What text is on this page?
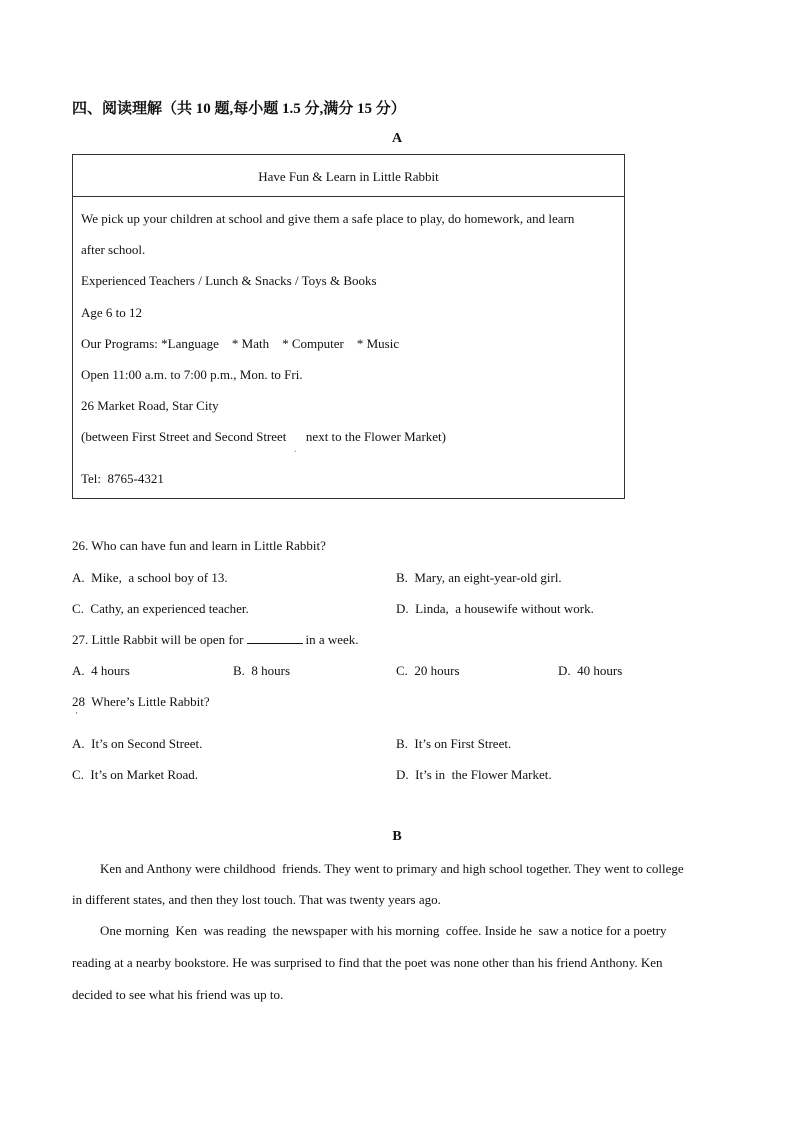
四、阅读理解（共 10 题,每小题 1.5 分,满分 15 分）
A
Have Fun & Learn in Little Rabbit
We pick up your children at school and give them a safe place to play, do homework, and learn
after school.
Experienced Teachers / Lunch & Snacks / Toys & Books
Age 6 to 12
Our Programs: *Language    * Math    * Computer    * Music
Open 11:00 a.m. to 7:00 p.m., Mon. to Fri.
26 Market Road, Star City
(between First Street and Second Street $_ˌ$ next to the Flower Market)
Tel:  8765-4321
26. Who can have fun and learn in Little Rabbit?
A.  Mike,  a school boy of 13.	B.  Mary, an eight-year-old girl.
C.  Cathy, an experienced teacher.	D.  Linda,  a housewife without work.
27. Little Rabbit will be open for	in a week.
A.  4 hours	B.  8 hours	C.  20 hours	D.  40 hours
$28_\cdot$ Where’s Little Rabbit?
A.  It’s on Second Street.	B.  It’s on First Street.
C.  It’s on Market Road.	D.  It’s in  the Flower Market.
B
Ken and Anthony were childhood  friends. They went to primary and high school together. They went to college
in different states, and then they lost touch. That was twenty years ago.
One morning  Ken  was reading  the newspaper with his morning  coffee. Inside he  saw a notice for a poetry
reading at a nearby bookstore. He was surprised to find that the poet was none other than his friend Anthony. Ken
decided to see what his friend was up to.
